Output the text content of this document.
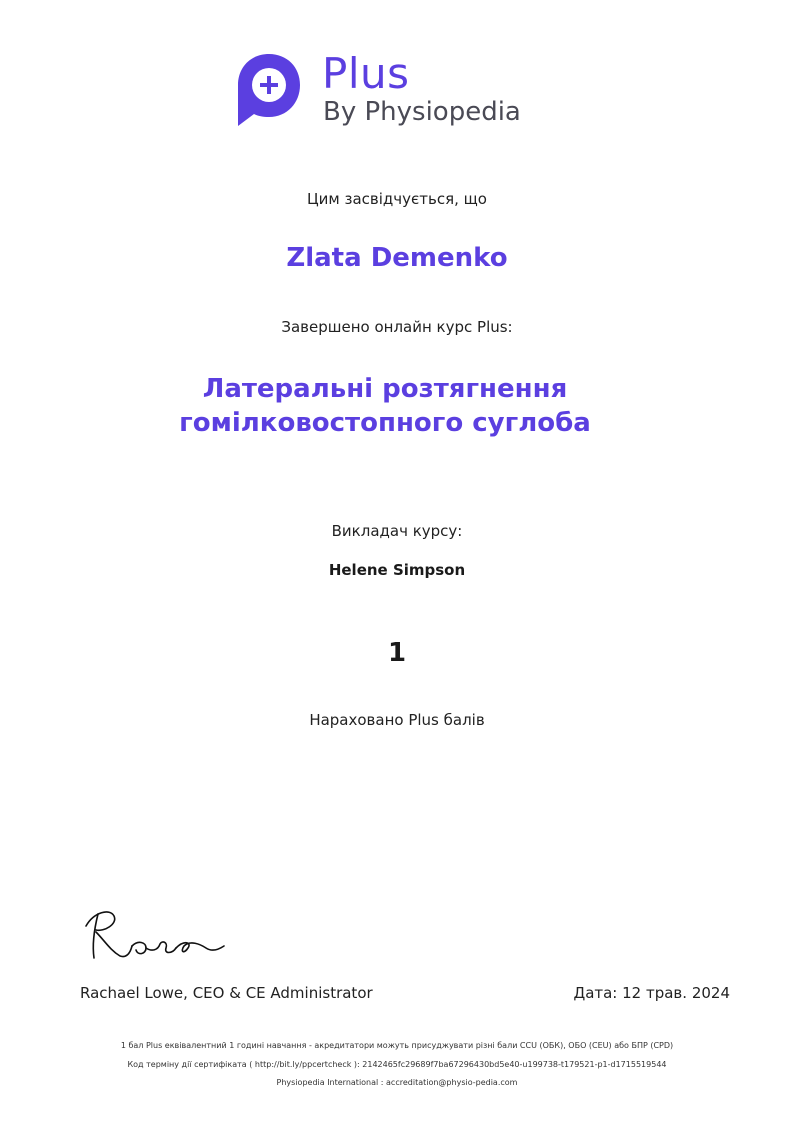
Plus
By Physiopedia
Цим засвідчується, що
Zlata Demenko
Завершено онлайн курс Plus:
Латеральні розтягнення гомілковостопного суглоба
Викладач курсу:
Helene Simpson
1
Нараховано Plus балів
Rachael Lowe, CEO & CE Administrator	Дата: 12 трав. 2024
1 бал Plus еквівалентний 1 годині навчання - акредитатори можуть присуджувати різні бали CCU (ОБК), ОБО (CEU) або БПР (CPD)
Код терміну дії сертифіката ( http://bit.ly/ppcertcheck ): 2142465fc29689f7ba67296430bd5e40-u199738-t179521-p1-d1715519544
Physiopedia International : accreditation@physio-pedia.com
